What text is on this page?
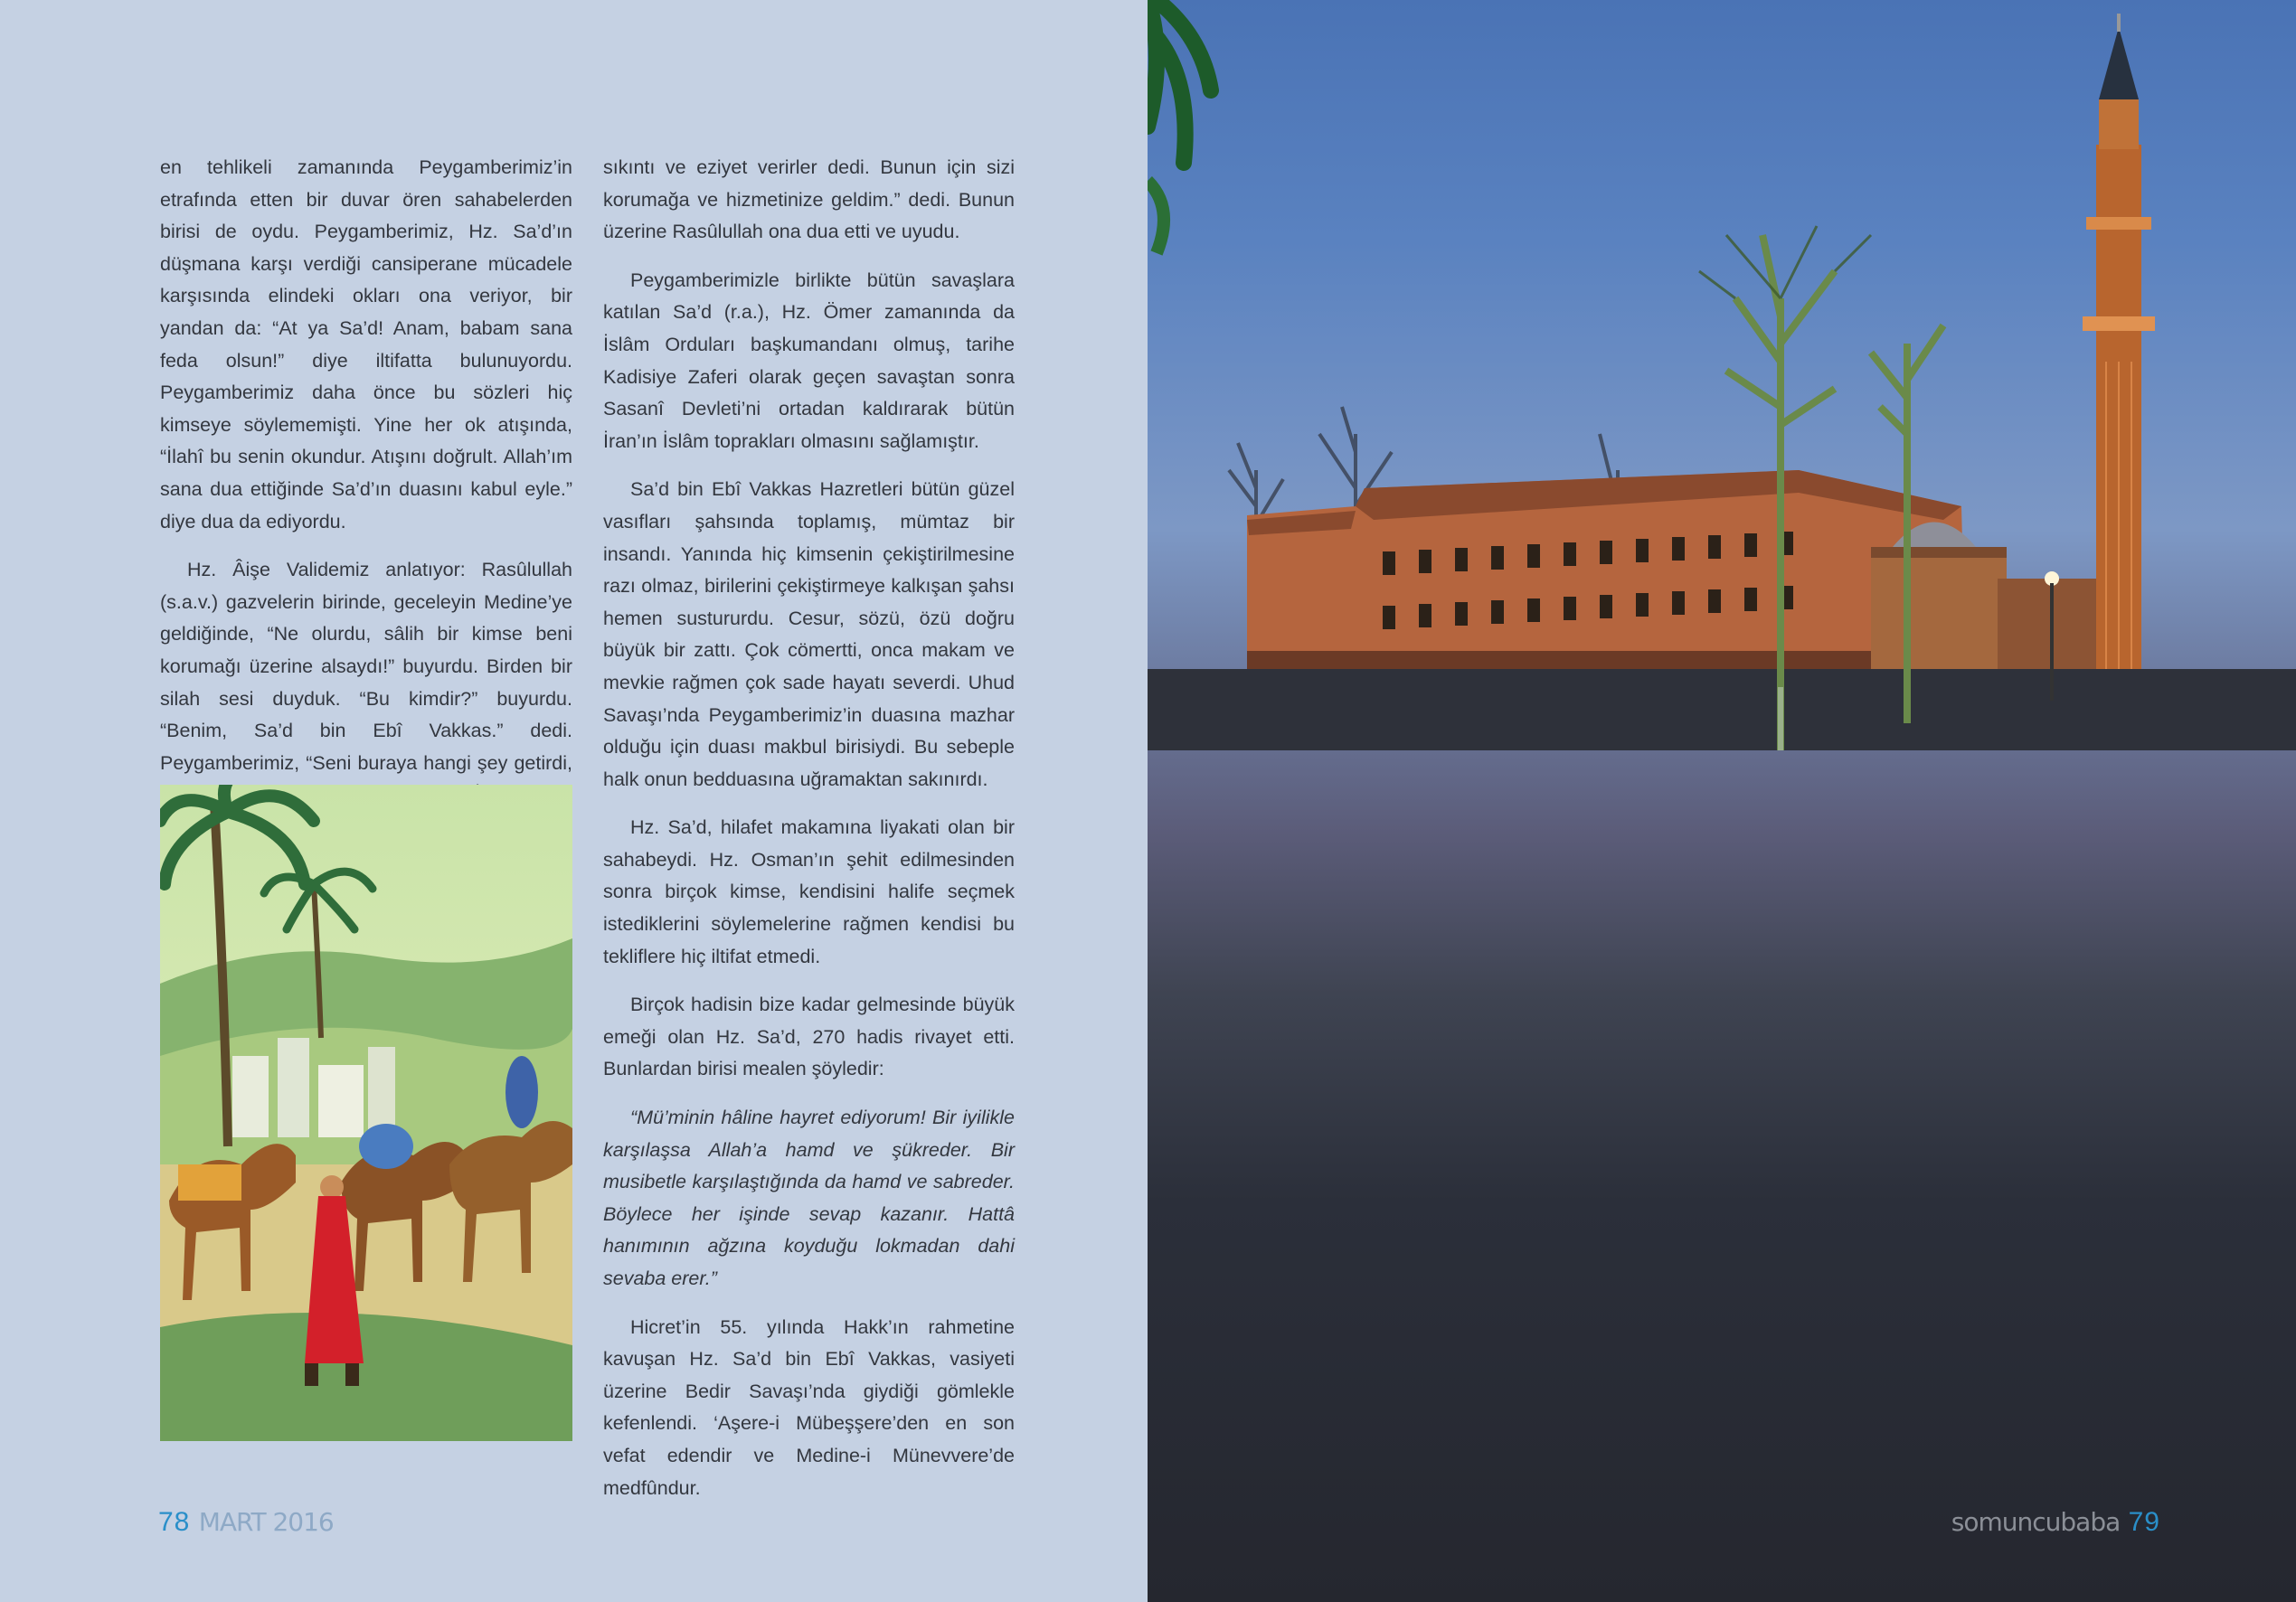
en tehlikeli zamanında Peygamberimiz’in etrafında etten bir duvar ören sahabelerden birisi de oydu. Peygamberimiz, Hz. Sa’d’ın düşmana karşı verdiği cansiperane mücadele karşısında elindeki okları ona veriyor, bir yandan da: “At ya Sa’d! Anam, babam sana feda olsun!” diye iltifatta bulunuyordu. Peygamberimiz daha önce bu sözleri hiç kimseye söylememişti. Yine her ok atışında, “İlahî bu senin okundur. Atışını doğrult. Allah’ım sana dua ettiğinde Sa’d’ın duasını kabul eyle.” diye dua da ediyordu.

Hz. Âişe Validemiz anlatıyor: Rasûlullah (s.a.v.) gazvelerin birinde, geceleyin Medine’ye geldiğinde, “Ne olurdu, sâlih bir kimse beni korumağı üzerine alsaydı!” buyurdu. Birden bir silah sesi duyduk. “Bu kimdir?” buyurdu. “Benim, Sa’d bin Ebî Vakkas.” dedi. Peygamberimiz, “Seni buraya hangi şey getirdi,

sıkıntı ve eziyet verirler dedi. Bunun için sizi korumağa ve hizmetinize geldim.” dedi. Bunun üzerine Rasûlullah ona dua etti ve uyudu.

Peygamberimizle birlikte bütün savaşlara katılan Sa’d (r.a.), Hz. Ömer zamanında da İslâm Orduları başkumandanı olmuş, tarihe Kadisiye Zaferi olarak geçen savaştan sonra Sasanî Devleti’ni ortadan kaldırarak bütün İran’ın İslâm toprakları olmasını sağlamıştır.

Sa’d bin Ebî Vakkas Hazretleri bütün güzel vasıfları şahsında toplamış, mümtaz bir insandı. Yanında hiç kimsenin çekiştirilmesine razı olmaz, birilerini çekiştirmeye kalkışan şahsı hemen sustururdu. Cesur, sözü, özü doğru büyük bir zattı. Çok cömertti, onca makam ve mevkie rağmen çok sade hayatı severdi. Uhud Savaşı’nda Peygamberimiz’in duasına mazhar olduğu için duası makbul birisiydi. Bu sebeple halk onun bedduasına uğramaktan sakınırdı.

Hz. Sa’d, hilafet makamına liyakati olan bir sahabeydi. Hz. Osman’ın şehit edilmesinden sonra birçok kimse, kendisini halife seçmek istediklerini söylemelerine rağmen kendisi bu tekliflere hiç iltifat etmedi.

Birçok hadisin bize kadar gelmesinde büyük emeği olan Hz. Sa’d, 270 hadis rivayet etti. Bunlardan birisi mealen şöyledir:

“Mü’minin hâline hayret ediyorum! Bir iyilikle karşılaşsa Allah’a hamd ve şükreder. Bir musibetle karşılaştığında da hamd ve sabreder. Böylece her işinde sevap kazanır. Hattâ hanımının ağzına koyduğu lokmadan dahi sevaba erer.”

Hicret’in 55. yılında Hakk’ın rahmetine kavuşan Hz. Sa’d bin Ebî Vakkas, vasiyeti üzerine Bedir Savaşı’nda giydiği gömlekle kefenlendi. ‘Aşere-i Mübeşşere’den en son vefat edendir ve Medine-i Münevvere’de medfûndur.

78 MART 2016	somuncubaba 79
